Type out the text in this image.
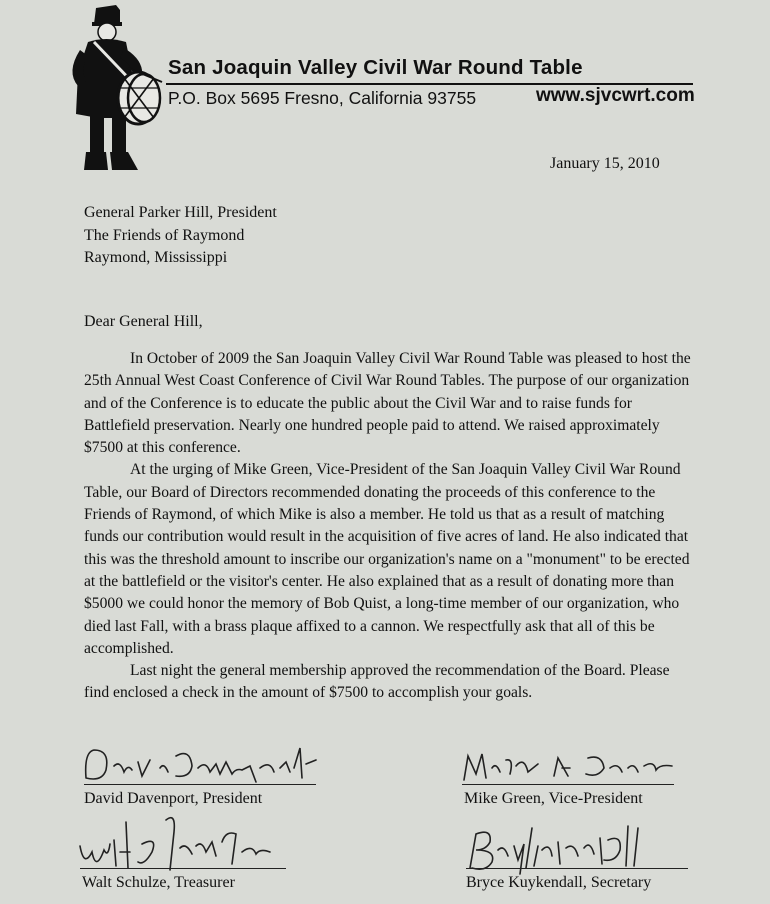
San Joaquin Valley Civil War Round Table
P.O. Box 5695 Fresno, California 93755	www.sjvcwrt.com
January 15, 2010
General Parker Hill, President
The Friends of Raymond
Raymond, Mississippi
Dear General Hill,

In October of 2009 the San Joaquin Valley Civil War Round Table was pleased to host the 25th Annual West Coast Conference of Civil War Round Tables. The purpose of our organization and of the Conference is to educate the public about the Civil War and to raise funds for Battlefield preservation. Nearly one hundred people paid to attend. We raised approximately $7500 at this conference.

At the urging of Mike Green, Vice-President of the San Joaquin Valley Civil War Round Table, our Board of Directors recommended donating the proceeds of this conference to the Friends of Raymond, of which Mike is also a member. He told us that as a result of matching funds our contribution would result in the acquisition of five acres of land. He also indicated that this was the threshold amount to inscribe our organization's name on a "monument" to be erected at the battlefield or the visitor's center. He also explained that as a result of donating more than $5000 we could honor the memory of Bob Quist, a long-time member of our organization, who died last Fall, with a brass plaque affixed to a cannon. We respectfully ask that all of this be accomplished.

Last night the general membership approved the recommendation of the Board. Please find enclosed a check in the amount of $7500 to accomplish your goals.

David Davenport, President	Mike Green, Vice-President
Walt Schulze, Treasurer	Bryce Kuykendall, Secretary
